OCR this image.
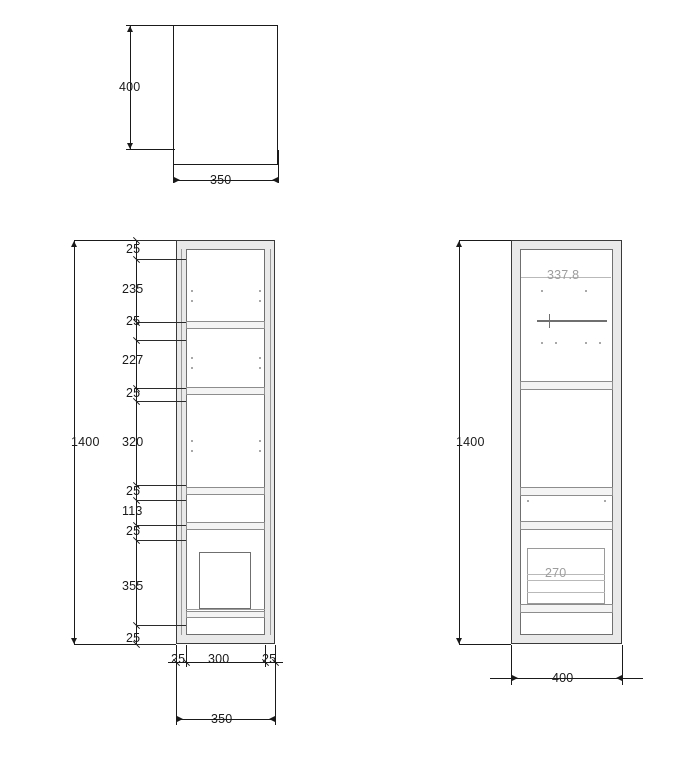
400
350
1400
25
235
25
227
25
320
25
113
25
355
25
25 300	25
350
337.8
270
1400
400
